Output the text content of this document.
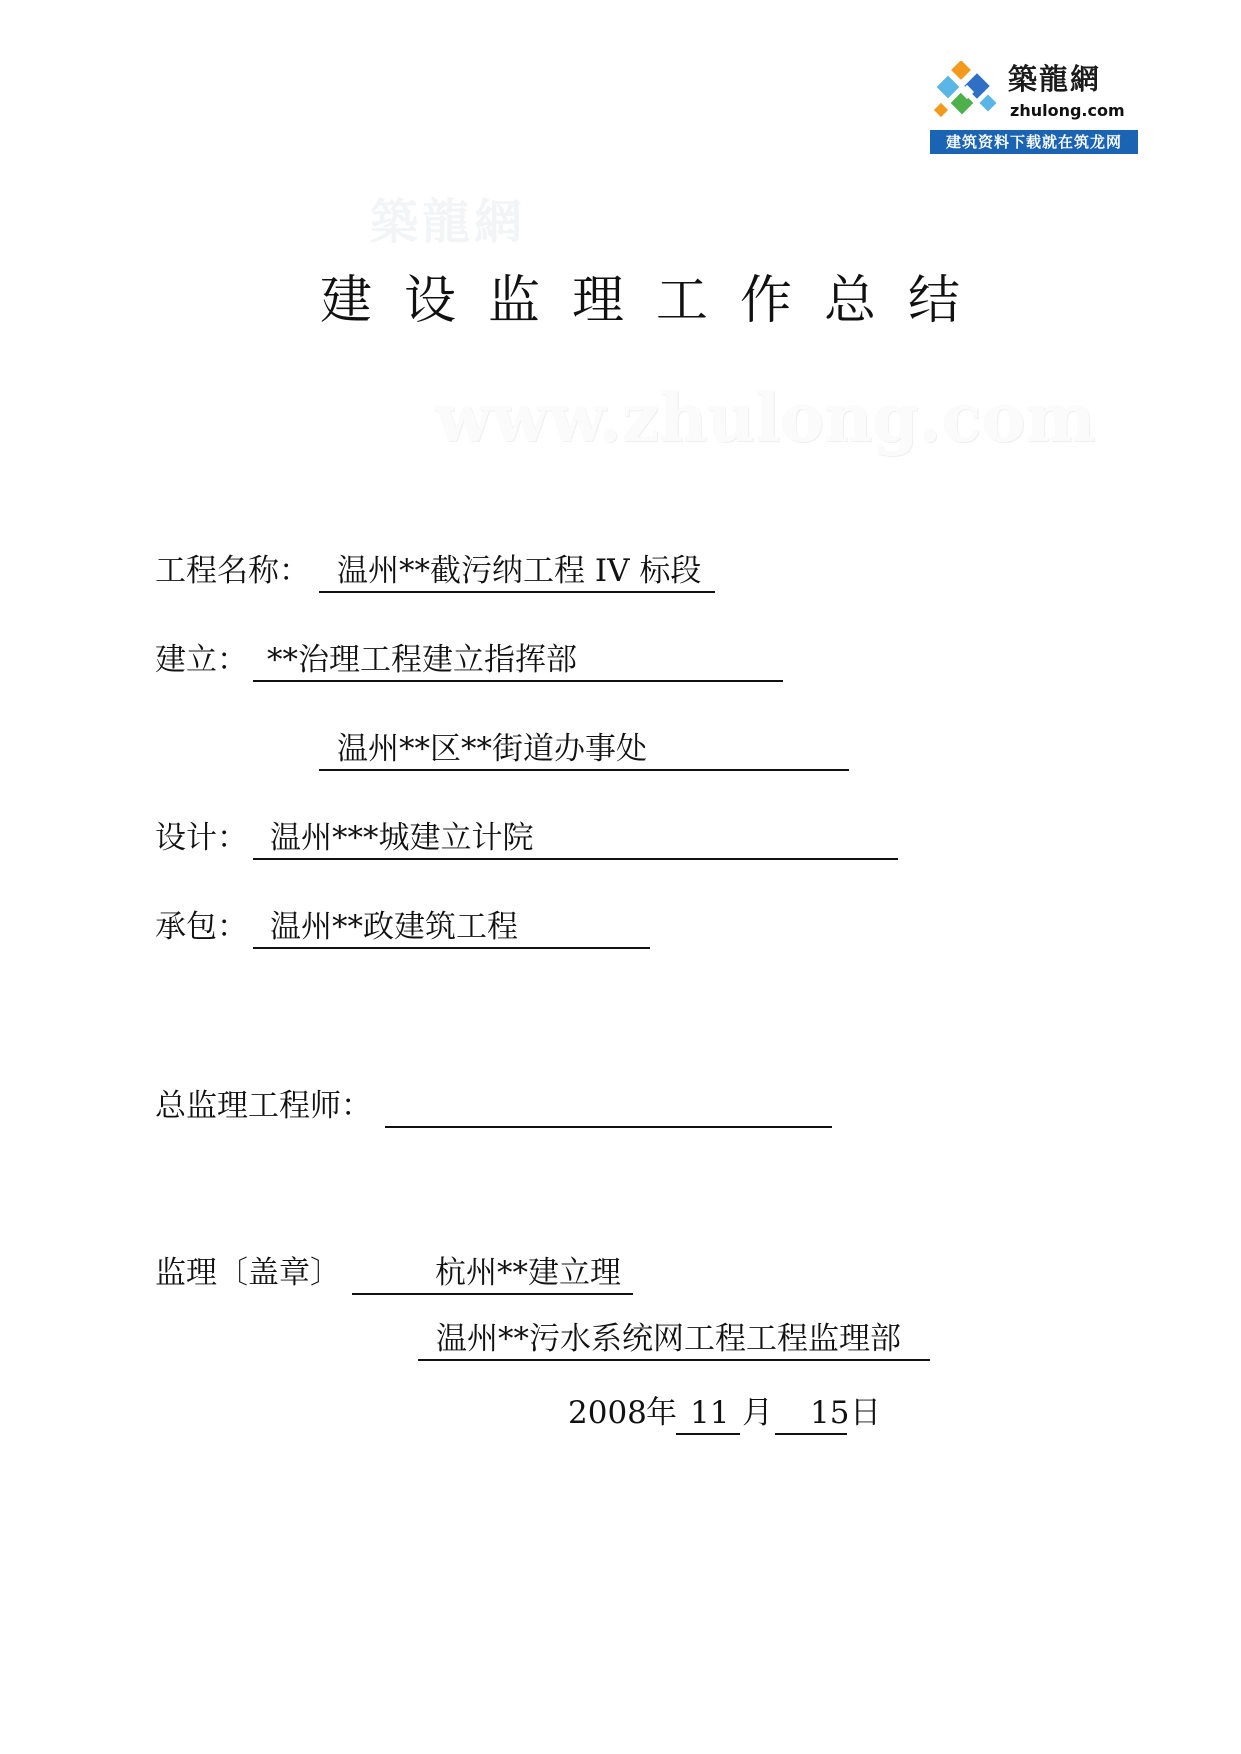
築龍網
zhulong.com
建筑资料下载就在筑龙网
築龍網
www.zhulong.com
建设监理工作总结
工程名称： 温州**截污纳工程 IV 标段
建立： **治理工程建立指挥部
温州**区**街道办事处
设计： 温州***城建立计院
承包： 温州**政建筑工程
总监理工程师：
监理〔盖章〕	杭州**建立理
温州**污水系统网工程工程监理部
2008 年 11 月 15 日
